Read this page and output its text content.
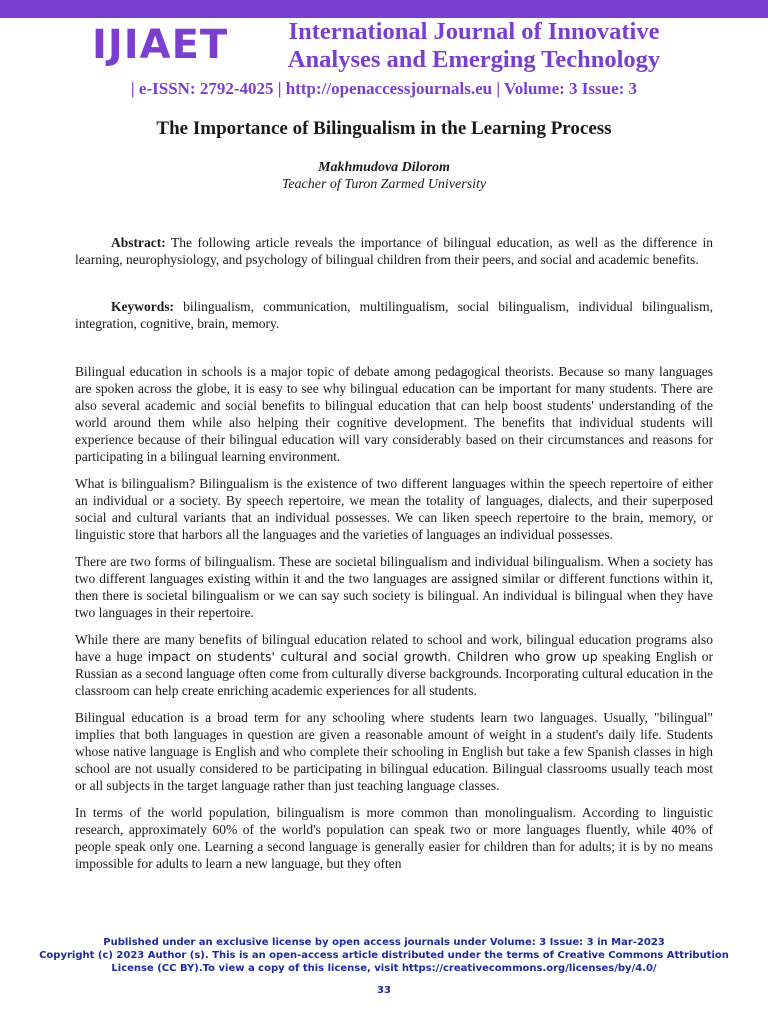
IJIAET	International Journal of Innovative Analyses and Emerging Technology
| e-ISSN: 2792-4025 | http://openaccessjournals.eu | Volume: 3 Issue: 3
The Importance of Bilingualism in the Learning Process
Makhmudova Dilorom
Teacher of Turon Zarmed University
Abstract: The following article reveals the importance of bilingual education, as well as the difference in learning, neurophysiology, and psychology of bilingual children from their peers, and social and academic benefits.
Keywords: bilingualism, communication, multilingualism, social bilingualism, individual bilingualism, integration, cognitive, brain, memory.

Bilingual education in schools is a major topic of debate among pedagogical theorists. Because so many languages are spoken across the globe, it is easy to see why bilingual education can be important for many students. There are also several academic and social benefits to bilingual education that can help boost students' understanding of the world around them while also helping their cognitive development. The benefits that individual students will experience because of their bilingual education will vary considerably based on their circumstances and reasons for participating in a bilingual learning environment.

What is bilingualism? Bilingualism is the existence of two different languages within the speech repertoire of either an individual or a society. By speech repertoire, we mean the totality of languages, dialects, and their superposed social and cultural variants that an individual possesses. We can liken speech repertoire to the brain, memory, or linguistic store that harbors all the languages and the varieties of languages an individual possesses.

There are two forms of bilingualism. These are societal bilingualism and individual bilingualism. When a society has two different languages existing within it and the two languages are assigned similar or different functions within it, then there is societal bilingualism or we can say such society is bilingual. An individual is bilingual when they have two languages in their repertoire.

While there are many benefits of bilingual education related to school and work, bilingual education programs also have a huge impact on students' cultural and social growth. Children who grow up speaking English or Russian as a second language often come from culturally diverse backgrounds. Incorporating cultural education in the classroom can help create enriching academic experiences for all students.

Bilingual education is a broad term for any schooling where students learn two languages. Usually, "bilingual" implies that both languages in question are given a reasonable amount of weight in a student's daily life. Students whose native language is English and who complete their schooling in English but take a few Spanish classes in high school are not usually considered to be participating in bilingual education. Bilingual classrooms usually teach most or all subjects in the target language rather than just teaching language classes.

In terms of the world population, bilingualism is more common than monolingualism. According to linguistic research, approximately 60% of the world's population can speak two or more languages fluently, while 40% of people speak only one. Learning a second language is generally easier for children than for adults; it is by no means impossible for adults to learn a new language, but they often

Published under an exclusive license by open access journals under Volume: 3 Issue: 3 in Mar-2023
Copyright (c) 2023 Author (s). This is an open-access article distributed under the terms of Creative Commons Attribution
License (CC BY).To view a copy of this license, visit https://creativecommons.org/licenses/by/4.0/
33
